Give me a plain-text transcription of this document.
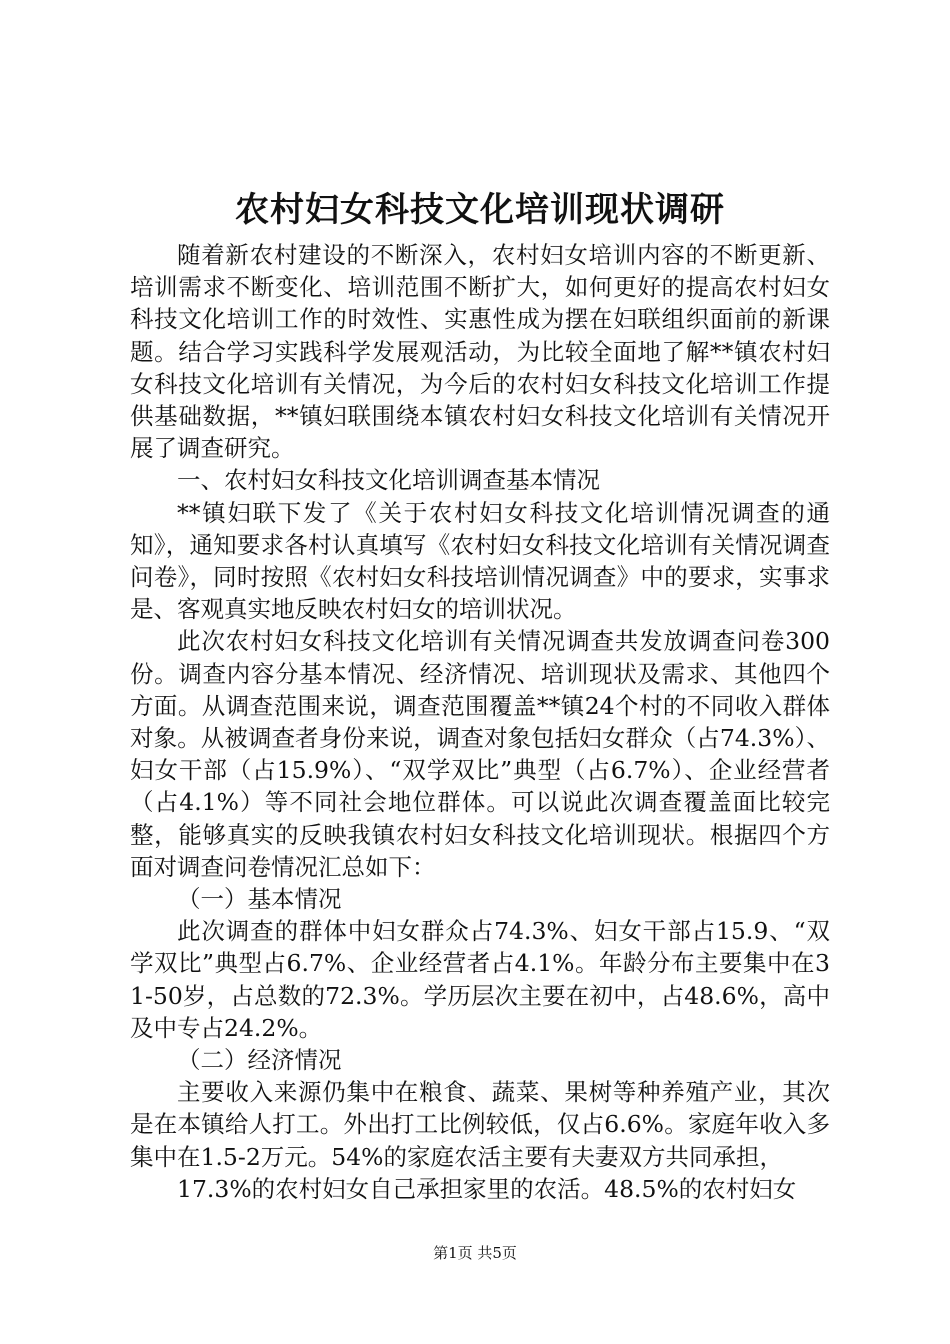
农村妇女科技文化培训现状调研

随着新农村建设的不断深入，农村妇女培训内容的不断更新、培训需求不断变化、培训范围不断扩大，如何更好的提高农村妇女科技文化培训工作的时效性、实惠性成为摆在妇联组织面前的新课题。结合学习实践科学发展观活动，为比较全面地了解**镇农村妇女科技文化培训有关情况，为今后的农村妇女科技文化培训工作提供基础数据，**镇妇联围绕本镇农村妇女科技文化培训有关情况开展了调查研究。

一、农村妇女科技文化培训调查基本情况

**镇妇联下发了《关于农村妇女科技文化培训情况调查的通知》，通知要求各村认真填写《农村妇女科技文化培训有关情况调查问卷》，同时按照《农村妇女科技培训情况调查》中的要求，实事求是、客观真实地反映农村妇女的培训状况。

此次农村妇女科技文化培训有关情况调查共发放调查问卷300份。调查内容分基本情况、经济情况、培训现状及需求、其他四个方面。从调查范围来说，调查范围覆盖**镇24个村的不同收入群体对象。从被调查者身份来说，调查对象包括妇女群众（占74.3%）、妇女干部（占15.9%）、“双学双比”典型（占6.7%）、企业经营者（占4.1%）等不同社会地位群体。可以说此次调查覆盖面比较完整，能够真实的反映我镇农村妇女科技文化培训现状。根据四个方面对调查问卷情况汇总如下：

（一）基本情况

此次调查的群体中妇女群众占74.3%、妇女干部占15.9、“双学双比”典型占6.7%、企业经营者占4.1%。年龄分布主要集中在31-50岁，占总数的72.3%。学历层次主要在初中，占48.6%，高中及中专占24.2%。

（二）经济情况

主要收入来源仍集中在粮食、蔬菜、果树等种养殖产业，其次是在本镇给人打工。外出打工比例较低，仅占6.6%。家庭年收入多集中在1.5-2万元。54%的家庭农活主要有夫妻双方共同承担，

17.3%的农村妇女自己承担家里的农活。48.5%的农村妇女

第1页 共5页
